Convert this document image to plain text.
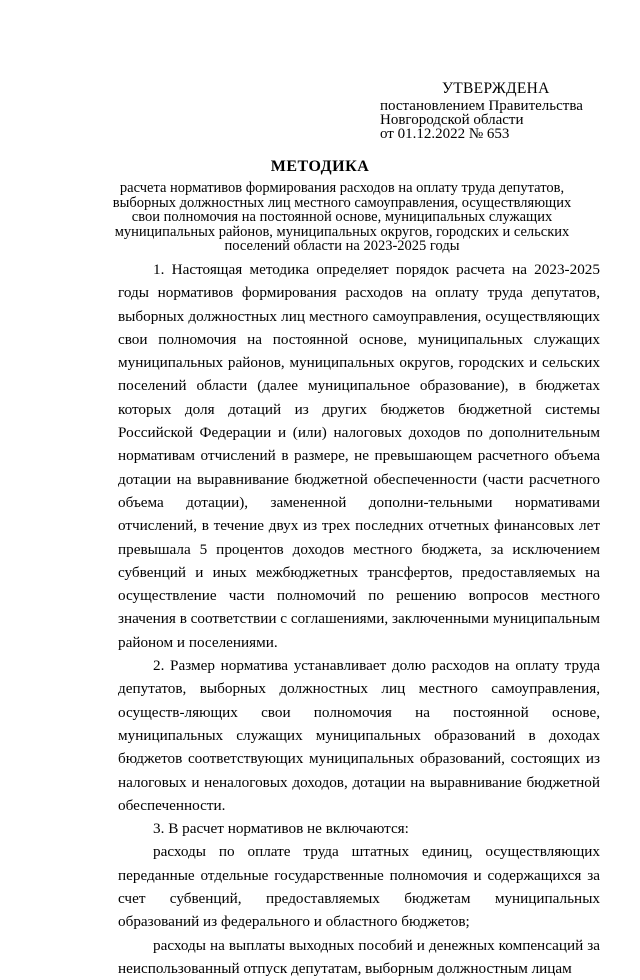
УТВЕРЖДЕНА
постановлением Правительства
Новгородской области
от 01.12.2022 № 653
МЕТОДИКА
расчета нормативов формирования расходов на оплату труда депутатов, выборных должностных лиц местного самоуправления, осуществляющих свои полномочия на постоянной основе, муниципальных служащих муниципальных районов, муниципальных округов, городских и сельских поселений области на 2023-2025 годы

1. Настоящая методика определяет порядок расчета на 2023-2025 годы нормативов формирования расходов на оплату труда депутатов, выборных должностных лиц местного самоуправления, осуществляющих свои полномочия на постоянной основе, муниципальных служащих муниципальных районов, муниципальных округов, городских и сельских поселений области (далее муниципальное образование), в бюджетах которых доля дотаций из других бюджетов бюджетной системы Российской Федерации и (или) налоговых доходов по дополнительным нормативам отчислений в размере, не превышающем расчетного объема дотации на выравнивание бюджетной обеспеченности (части расчетного объема дотации), замененной дополни-тельными нормативами отчислений, в течение двух из трех последних отчетных финансовых лет превышала 5 процентов доходов местного бюджета, за исключением субвенций и иных межбюджетных трансфертов, предоставляемых на осуществление части полномочий по решению вопросов местного значения в соответствии с соглашениями, заключенными муниципальным районом и поселениями.

2. Размер норматива устанавливает долю расходов на оплату труда депутатов, выборных должностных лиц местного самоуправления, осуществ-ляющих свои полномочия на постоянной основе, муниципальных служащих муниципальных образований в доходах бюджетов соответствующих муниципальных образований, состоящих из налоговых и неналоговых доходов, дотации на выравнивание бюджетной обеспеченности.

3. В расчет нормативов не включаются:

расходы по оплате труда штатных единиц, осуществляющих переданные отдельные государственные полномочия и содержащихся за счет субвенций, предоставляемых бюджетам муниципальных образований из федерального и областного бюджетов;

расходы на выплаты выходных пособий и денежных компенсаций за неиспользованный отпуск депутатам, выборным должностным лицам
